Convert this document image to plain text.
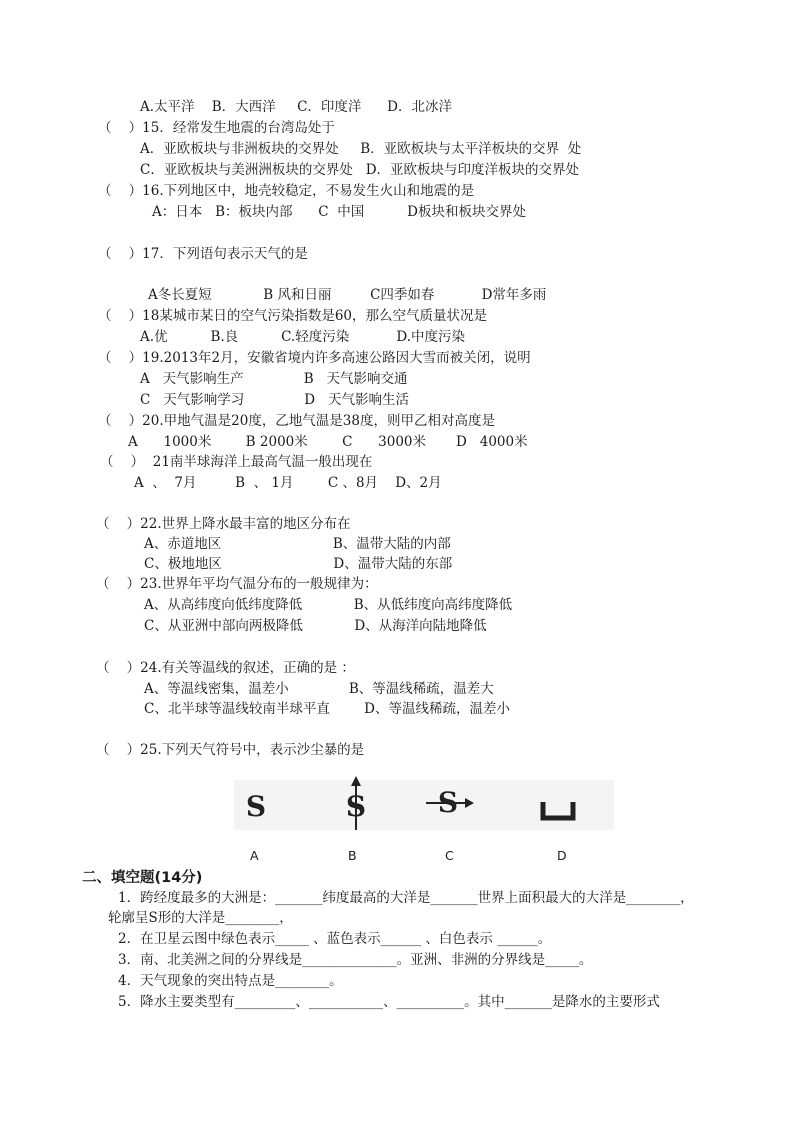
A.太平洋    B．大西洋     C．印度洋      D．北冰洋
（    ）15．经常发生地震的台湾岛处于
A．亚欧板块与非洲板块的交界处     B．亚欧板块与太平洋板块的交界  处
C．亚欧板块与美洲洲板块的交界处   D．亚欧板块与印度洋板块的交界处
（    ）16.下列地区中，地壳较稳定，不易发生火山和地震的是
A：日本   B：板块内部      C  中国          D板块和板块交界处
（    ）17．下列语句表示天气的是
A冬长夏短            B 风和日丽         C四季如春           D常年多雨
（    ）18某城市某日的空气污染指数是60，那么空气质量状况是
A.优          B.良          C.轻度污染           D.中度污染
（    ）19.2013年2月，安徽省境内许多高速公路因大雪而被关闭，说明
A   天气影响生产              B   天气影响交通
C   天气影响学习              D   天气影响生活
（    ）20.甲地气温是20度，乙地气温是38度，则甲乙相对高度是
A      1000米        B 2000米        C      3000米       D   4000米
（    ）  21南半球海洋上最高气温一般出现在
A  、  7月         B  、 1月        C 、8月    D、2月
（    ）22.世界上降水最丰富的地区分布在
A、赤道地区                          B、温带大陆的内部
C、极地地区                          D、温带大陆的东部
（    ）23.世界年平均气温分布的一般规律为：
A、从高纬度向低纬度降低            B、从低纬度向高纬度降低
C、从亚洲中部向两极降低            D、从海洋向陆地降低
（    ）24.有关等温线的叙述，正确的是 ：
A、等温线密集，温差小              B、等温线稀疏，温差大
C、北半球等温线较南半球平直        D、等温线稀疏，温差小
（    ）25.下列天气符号中，表示沙尘暴的是
S	S	S
A	B	C	D
二、填空题(14分)
1．跨经度最多的大洲是：_______纬度最高的大洋是_______世界上面积最大的大洋是________，
轮廓呈S形的大洋是________，
2．在卫星云图中绿色表示_____ 、蓝色表示______ 、白色表示 ______。
3．南、北美洲之间的分界线是______________。亚洲、非洲的分界线是_____。
4．天气现象的突出特点是________。
5．降水主要类型有_________、___________、__________。其中_______是降水的主要形式
